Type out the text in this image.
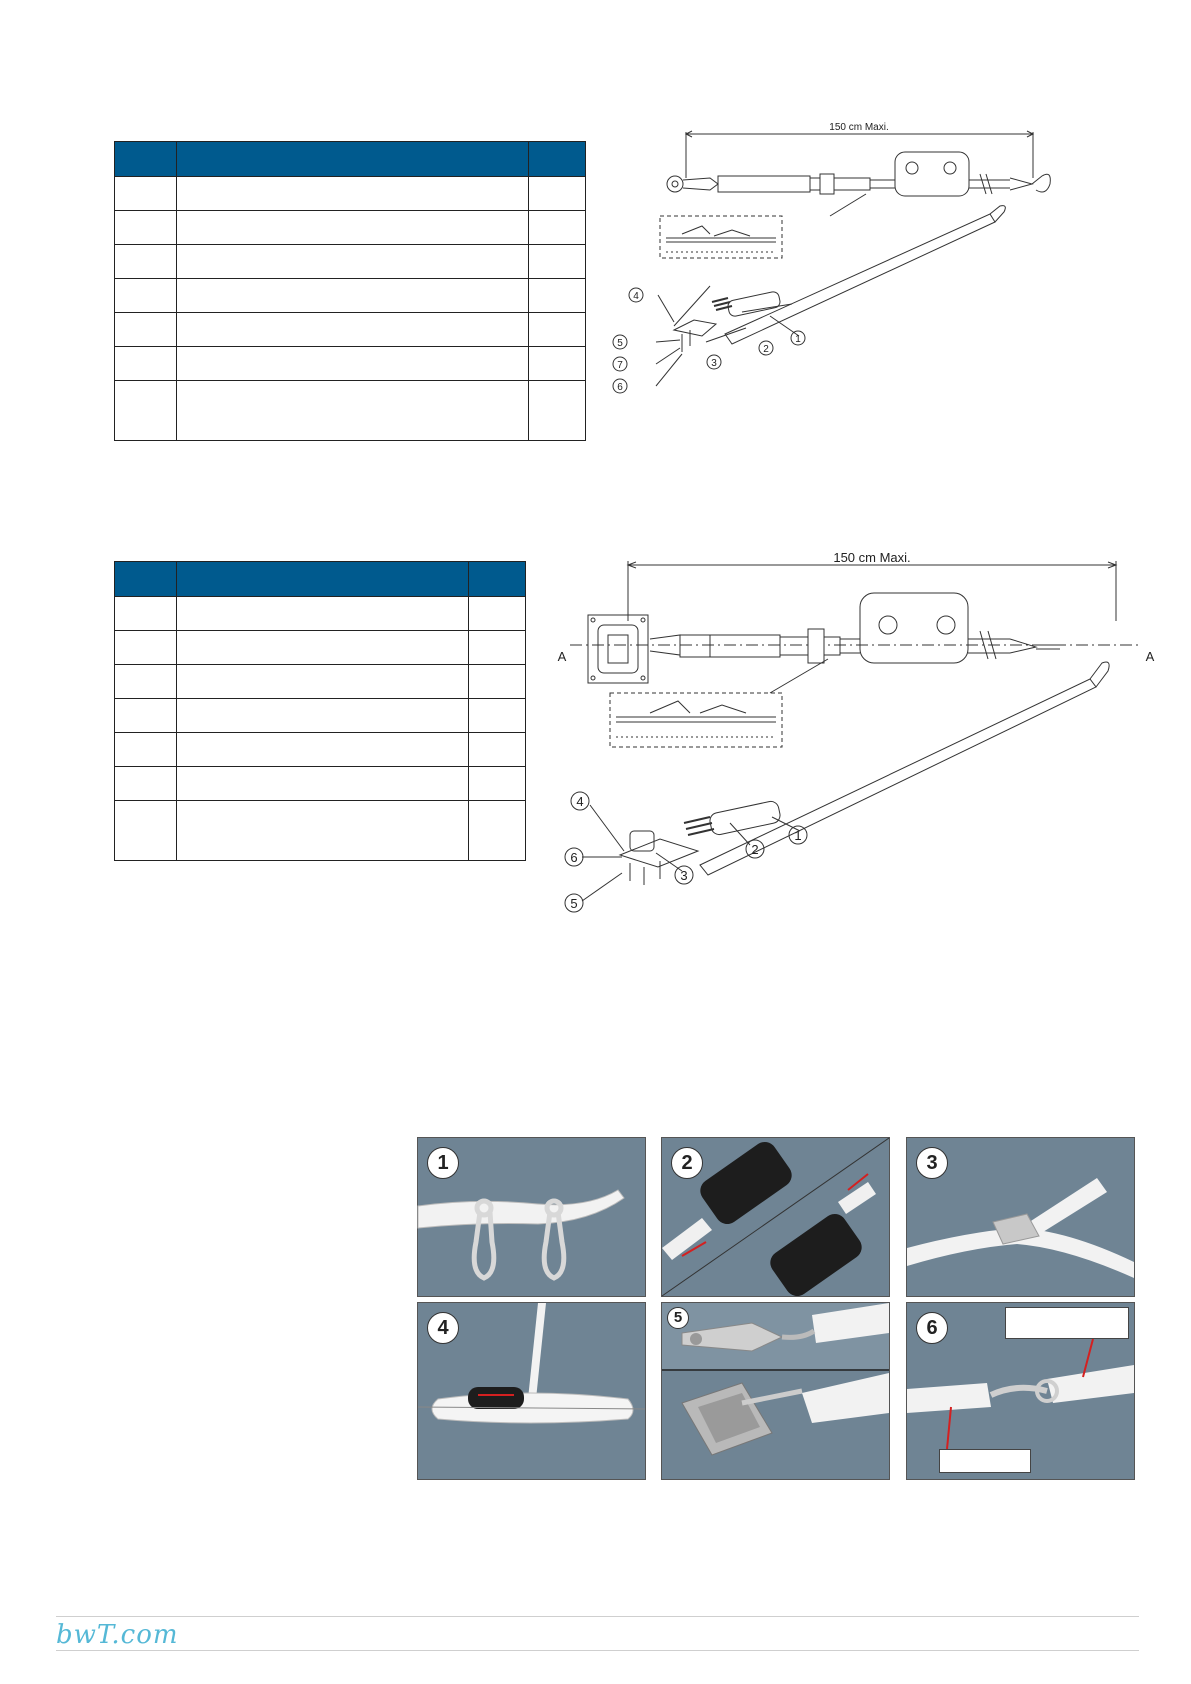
150 cm Maxi.
1
2
3
4
5
6
7
150 cm Maxi.
A	A
1
2
3
4
5
6
1	2	3
4	5	6
bwT.com
